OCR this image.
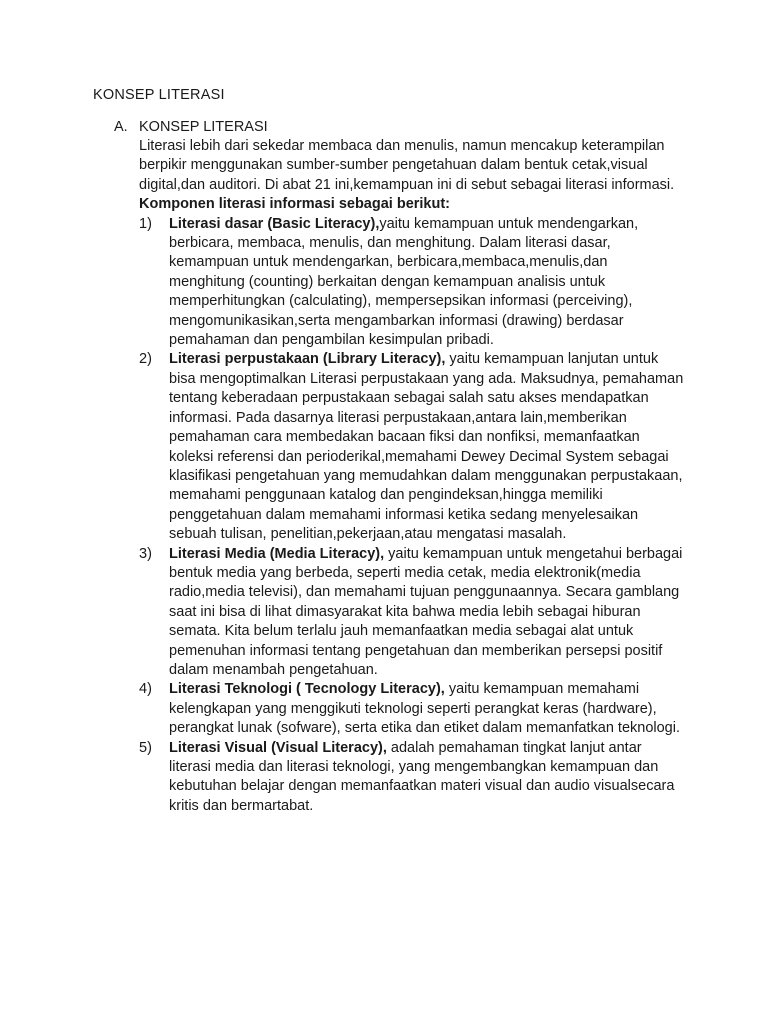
KONSEP LITERASI
A. KONSEP LITERASI

Literasi lebih dari sekedar membaca dan menulis, namun mencakup keterampilan berpikir menggunakan sumber-sumber pengetahuan dalam bentuk cetak,visual digital,dan auditori. Di abat 21 ini,kemampuan ini di sebut sebagai literasi informasi.

Komponen literasi informasi sebagai berikut:

1) Literasi dasar (Basic Literacy),yaitu kemampuan untuk mendengarkan, berbicara, membaca, menulis, dan menghitung. Dalam literasi dasar, kemampuan untuk mendengarkan, berbicara,membaca,menulis,dan menghitung (counting) berkaitan dengan kemampuan analisis untuk memperhitungkan (calculating), mempersepsikan informasi (perceiving), mengomunikasikan,serta mengambarkan informasi (drawing) berdasar pemahaman dan pengambilan kesimpulan pribadi.
2) Literasi perpustakaan (Library Literacy), yaitu kemampuan lanjutan untuk bisa mengoptimalkan Literasi perpustakaan yang ada. Maksudnya, pemahaman tentang keberadaan perpustakaan sebagai salah satu akses mendapatkan informasi. Pada dasarnya literasi perpustakaan,antara lain,memberikan pemahaman cara membedakan bacaan fiksi dan nonfiksi, memanfaatkan koleksi referensi dan perioderikal,memahami Dewey Decimal System sebagai klasifikasi pengetahuan yang memudahkan dalam menggunakan perpustakaan, memahami penggunaan katalog dan pengindeksan,hingga memiliki penggetahuan dalam memahami informasi ketika sedang menyelesaikan sebuah tulisan, penelitian,pekerjaan,atau mengatasi masalah.
3) Literasi Media (Media Literacy), yaitu kemampuan untuk mengetahui berbagai bentuk media yang berbeda, seperti media cetak, media elektronik(media radio,media televisi), dan memahami tujuan penggunaannya. Secara gamblang saat ini bisa di lihat dimasyarakat kita bahwa media lebih sebagai hiburan semata. Kita belum terlalu jauh memanfaatkan media sebagai alat untuk pemenuhan informasi tentang pengetahuan dan memberikan persepsi positif dalam menambah pengetahuan.
4) Literasi Teknologi ( Tecnology Literacy), yaitu kemampuan memahami kelengkapan yang menggikuti teknologi seperti perangkat keras (hardware), perangkat lunak (sofware), serta etika dan etiket dalam memanfatkan teknologi.
5) Literasi Visual (Visual Literacy), adalah pemahaman tingkat lanjut antar literasi media dan literasi teknologi, yang mengembangkan kemampuan dan kebutuhan belajar dengan memanfaatkan materi visual dan audio visualsecara kritis dan bermartabat.
